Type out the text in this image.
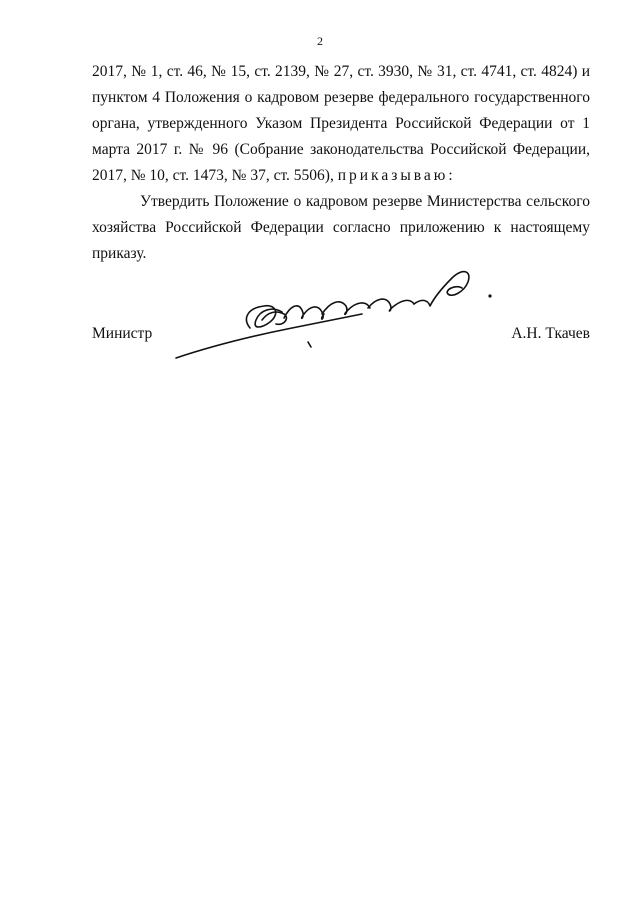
2

2017, № 1, ст. 46, № 15, ст. 2139, № 27, ст. 3930, № 31, ст. 4741, ст. 4824) и пунктом 4 Положения о кадровом резерве федерального государственного органа, утвержденного Указом Президента Российской Федерации от 1 марта 2017 г. № 96 (Собрание законодательства Российской Федерации, 2017, № 10, ст. 1473, № 37, ст. 5506), приказываю:

Утвердить Положение о кадровом резерве Министерства сельского хозяйства Российской Федерации согласно приложению к настоящему приказу.

Министр	А.Н. Ткачев
